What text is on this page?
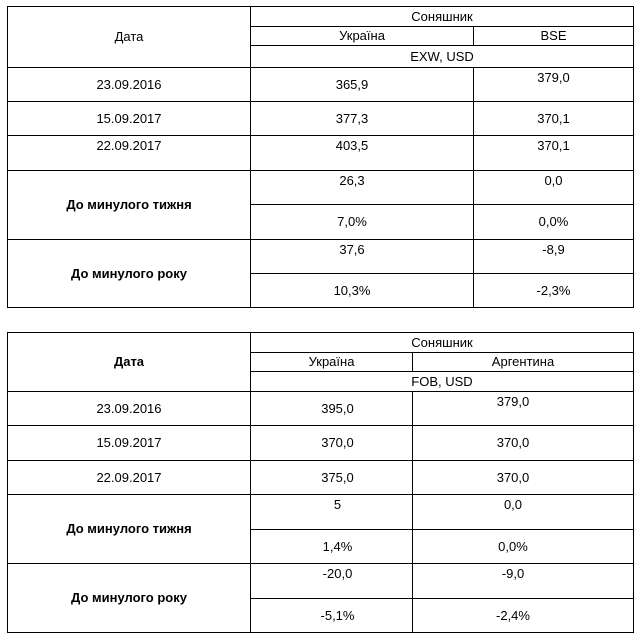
Дата	Соняшник	
	Україна	BSE
	EXW, USD	
23.09.2016	365,9	379,0
15.09.2017	377,3	370,1
22.09.2017	403,5	370,1
До минулого тижня	26,3	0,0
	7,0%	0,0%
До минулого року	37,6	-8,9
	10,3%	-2,3%
Дата	Соняшник	
	Україна	Аргентина
	FOB, USD	
23.09.2016	395,0	379,0
15.09.2017	370,0	370,0
22.09.2017	375,0	370,0
До минулого тижня	5	0,0
	1,4%	0,0%
До минулого року	-20,0	-9,0
	-5,1%	-2,4%
